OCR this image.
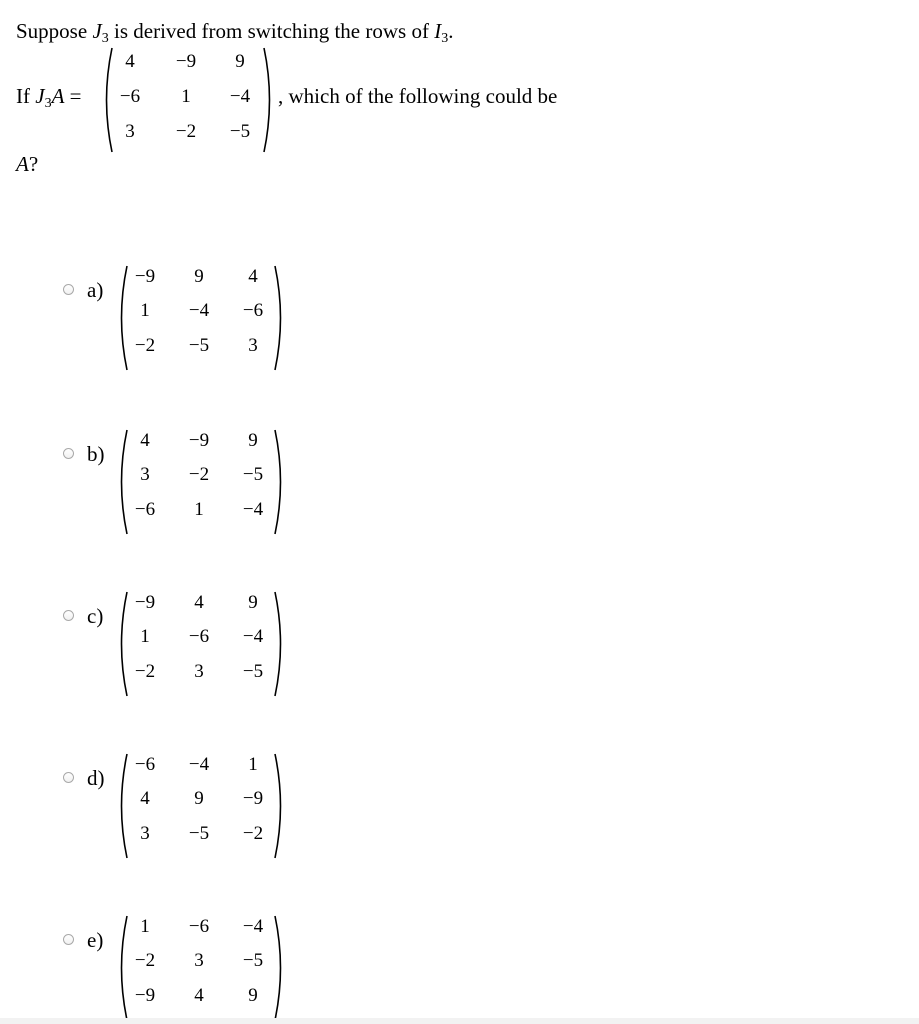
Suppose $J_3$ is derived from switching the rows of $I_3$.
If $J_3A$ =
4	−9	9
−6	1	−4
3	−2	−5
, which of the following could be
A?
a)
−9	9	4
1	−4	−6
−2	−5	3
b)
4	−9	9
3	−2	−5
−6	1	−4
c)
−9	4	9
1	−6	−4
−2	3	−5
d)
−6	−4	1
4	9	−9
3	−5	−2
e)
1	−6	−4
−2	3	−5
−9	4	9
